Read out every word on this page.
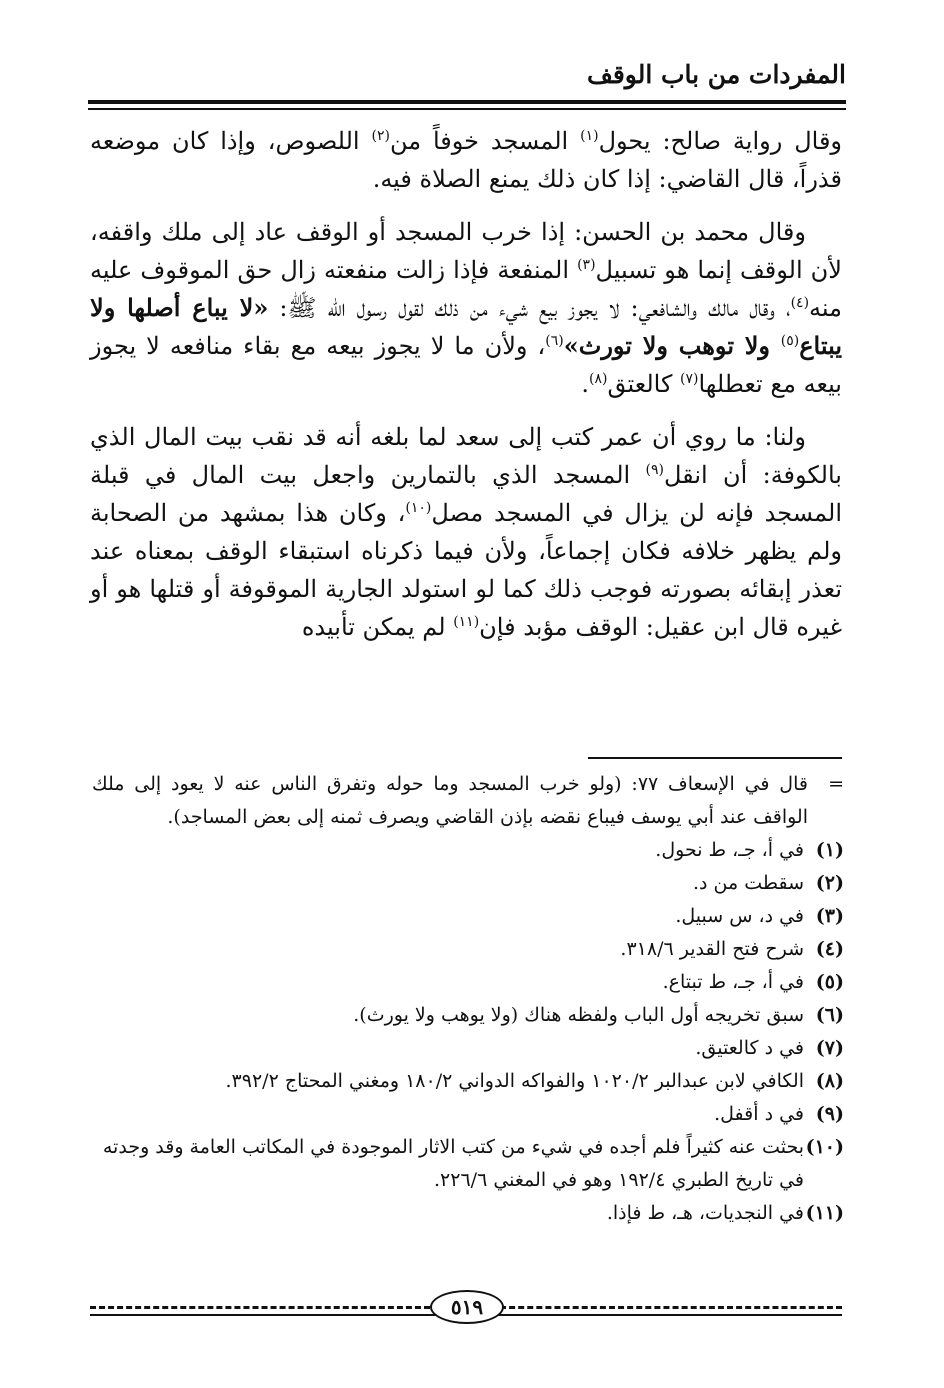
المفردات من باب الوقف

وقال رواية صالح: يحول$^{(١)}$ المسجد خوفاً من$^{(٢)}$ اللصوص، وإذا كان موضعه قذراً، قال القاضي: إذا كان ذلك يمنع الصلاة فيه.

وقال محمد بن الحسن: إذا خرب المسجد أو الوقف عاد إلى ملك واقفه، لأن الوقف إنما هو تسبيل$^{(٣)}$ المنفعة فإذا زالت منفعته زال حق الموقوف عليه منه$^{(٤)}$، وقال مالك والشافعي: لا يجوز بيع شيء من ذلك لقول رسول الله ﷺ: «لا يباع أصلها ولا يبتاع$^{(٥)}$ ولا توهب ولا تورث»$^{(٦)}$، ولأن ما لا يجوز بيعه مع بقاء منافعه لا يجوز بيعه مع تعطلها$^{(٧)}$ كالعتق$^{(٨)}$.

ولنا: ما روي أن عمر كتب إلى سعد لما بلغه أنه قد نقب بيت المال الذي بالكوفة: أن انقل$^{(٩)}$ المسجد الذي بالتمارين واجعل بيت المال في قبلة المسجد فإنه لن يزال في المسجد مصل$^{(١٠)}$، وكان هذا بمشهد من الصحابة ولم يظهر خلافه فكان إجماعاً، ولأن فيما ذكرناه استبقاء الوقف بمعناه عند تعذر إبقائه بصورته فوجب ذلك كما لو استولد الجارية الموقوفة أو قتلها هو أو غيره قال ابن عقيل: الوقف مؤبد فإن$^{(١١)}$ لم يمكن تأبيده

=
قال في الإسعاف ٧٧: (ولو خرب المسجد وما حوله وتفرق الناس عنه لا يعود إلى ملك الواقف عند أبي يوسف فيباع نقضه بإذن القاضي ويصرف ثمنه إلى بعض المساجد).
(١)
في أ، جـ، ط نحول.
(٢)
سقطت من د.
(٣)
في د، س سبيل.
(٤)
شرح فتح القدير ٣١٨/٦.
(٥)
في أ، جـ، ط تبتاع.
(٦)
سبق تخريجه أول الباب ولفظه هناك (ولا يوهب ولا يورث).
(٧)
في د كالعتيق.
(٨)
الكافي لابن عبدالبر ١٠٢٠/٢ والفواكه الدواني ١٨٠/٢ ومغني المحتاج ٣٩٢/٢.
(٩)
في د أقفل.
(١٠)
بحثت عنه كثيراً فلم أجده في شيء من كتب الاثار الموجودة في المكاتب العامة وقد وجدته في تاريخ الطبري ١٩٢/٤ وهو في المغني ٢٢٦/٦.
(١١)
في النجديات، هـ، ط فإذا.
٥١٩
